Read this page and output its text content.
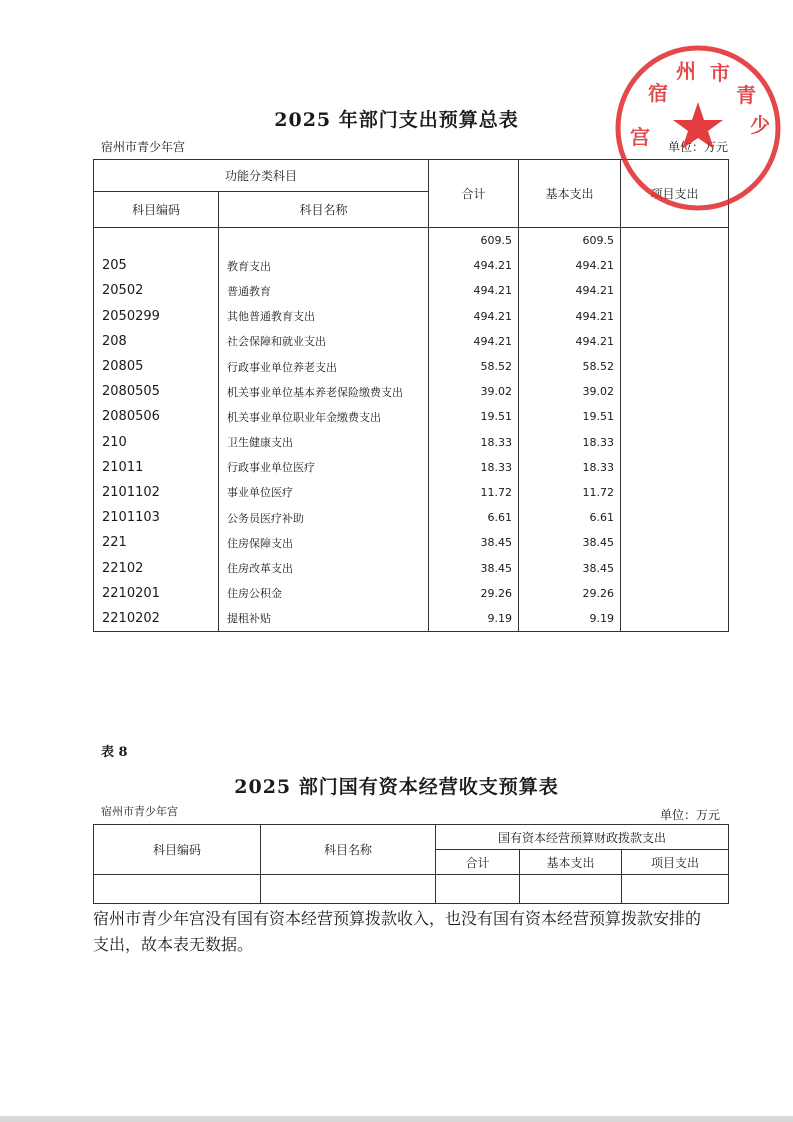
2025 年部门支出预算总表
宿州市青少年宫	单位：万元
功能分类科目		合计	基本支出	项目支出
科目编码	科目名称			
		609.5	609.5	
205	教育支出	494.21	494.21	
20502	普通教育	494.21	494.21	
2050299	其他普通教育支出	494.21	494.21	
208	社会保障和就业支出	494.21	494.21	
20805	行政事业单位养老支出	58.52	58.52	
2080505	机关事业单位基本养老保险缴费支出	39.02	39.02	
2080506	机关事业单位职业年金缴费支出	19.51	19.51	
210	卫生健康支出	18.33	18.33	
21011	行政事业单位医疗	18.33	18.33	
2101102	事业单位医疗	11.72	11.72	
2101103	公务员医疗补助	6.61	6.61	
221	住房保障支出	38.45	38.45	
22102	住房改革支出	38.45	38.45	
2210201	住房公积金	29.26	29.26	
2210202	提租补贴	9.19	9.19	
表 8
2025 部门国有资本经营收支预算表
宿州市青少年宫	单位：万元
科目编码	科目名称	国有资本经营预算财政拨款支出		
		合计	基本支出	项目支出

宿州市青少年宫没有国有资本经营预算拨款收入，也没有国有资本经营预算拨款安排的支出，故本表无数据。
宿
州 市
青
少
宫
